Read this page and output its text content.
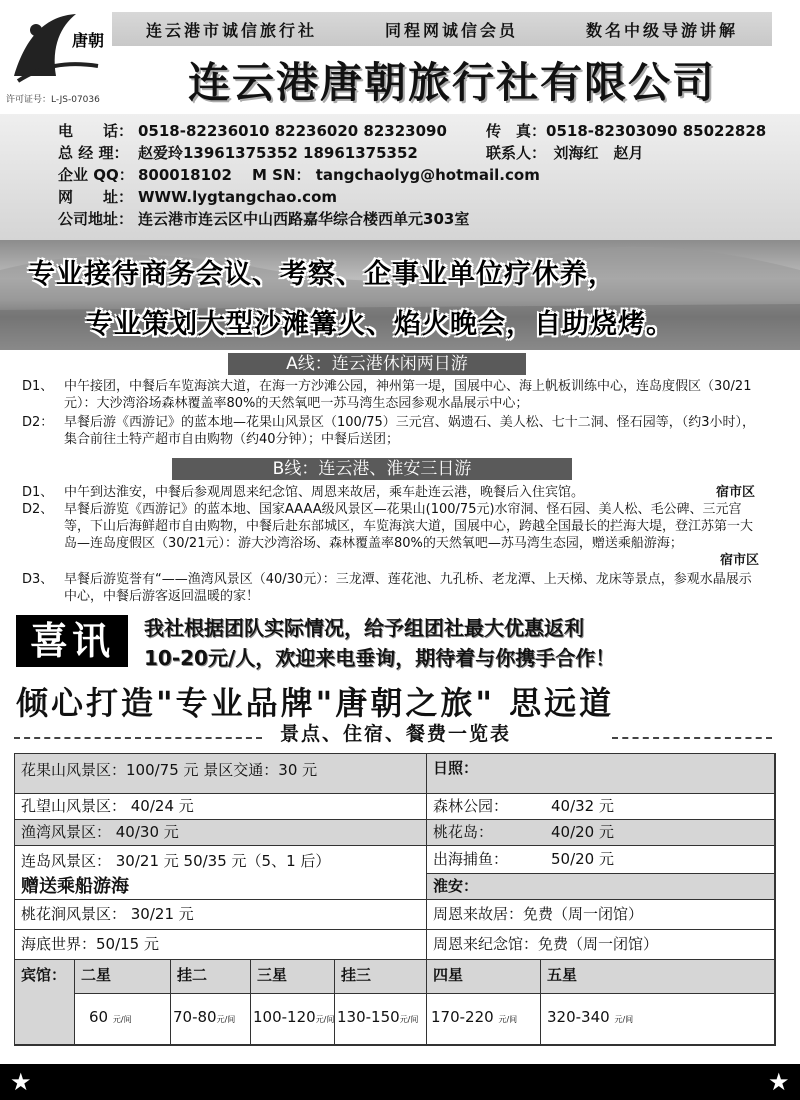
唐朝
许可证号：L-JS-07036
连云港市诚信旅行社	同程网诚信会员	数名中级导游讲解
连云港唐朝旅行社有限公司
电　　话： 0518-82236010 82236020 82323090	传　真：0518-82303090 85022828
总 经 理： 赵爱玲13961375352 18961375352	联系人：　 刘海红　赵月
企业 QQ： 800018102 M SN： tangchaolyg@hotmail.com
网　　址： WWW.lygtangchao.com
公司地址： 连云港市连云区中山西路嘉华综合楼西单元303室
专业接待商务会议、考察、企事业单位疗休养，
专业策划大型沙滩篝火、焰火晚会，自助烧烤。
A线：连云港休闲两日游
D1、 中午接团，中餐后车览海滨大道，在海一方沙滩公园，神州第一堤，国展中心、海上帆板训练中心，连岛度假区（30/21元）：大沙湾浴场森林覆盖率80%的天然氧吧一苏马湾生态园参观水晶展示中心；
D2： 早餐后游《西游记》的蓝本地—花果山风景区（100/75）三元宫、娲遗石、美人松、七十二洞、怪石园等，（约3小时），集合前往土特产超市自由购物（约40分钟）；中餐后送团；
B线：连云港、淮安三日游
D1、 中午到达淮安，中餐后参观周恩来纪念馆、周恩来故居，乘车赴连云港，晚餐后入住宾馆。	宿市区
D2、 早餐后游览《西游记》的蓝本地、国家AAAA级风景区—花果山(100/75元)水帘洞、怪石园、美人松、毛公碑、三元宫等，下山后海鲜超市自由购物，中餐后赴东部城区，车览海滨大道，国展中心，跨越全国最长的拦海大堤，登江苏第一大岛—连岛度假区（30/21元）：游大沙湾浴场、森林覆盖率80%的天然氧吧—苏马湾生态园，赠送乘船游海；
宿市区
D3、 早餐后游览誉有“——渔湾风景区（40/30元）：三龙潭、莲花池、九孔桥、老龙潭、上天梯、龙床等景点，参观水晶展示中心，中餐后游客返回温暖的家！
喜讯	我社根据团队实际情况，给予组团社最大优惠返利
10-20元/人，欢迎来电垂询，期待着与你携手合作！
倾心打造"专业品牌"唐朝之旅" 思远道
景点、住宿、餐费一览表
花果山风景区：100/75 元 景区交通：30 元	日照：
孔望山风景区： 40/24 元	森林公园：	40/32 元
渔湾风景区： 40/30 元	桃花岛：	40/20 元
连岛风景区： 30/21 元 50/35 元（5、1 后）
赠送乘船游海
出海捕鱼：	50/20 元
淮安：
桃花涧风景区： 30/21 元	周恩来故居：免费（周一闭馆）
海底世界：50/15 元	周恩来纪念馆：免费（周一闭馆）
宾馆： 二星	挂二	三星	挂三	四星	五星
60 元/间	70-80元/间	100-120元/间 130-150元/间 170-220 元/间	320-340 元/间
★	★
